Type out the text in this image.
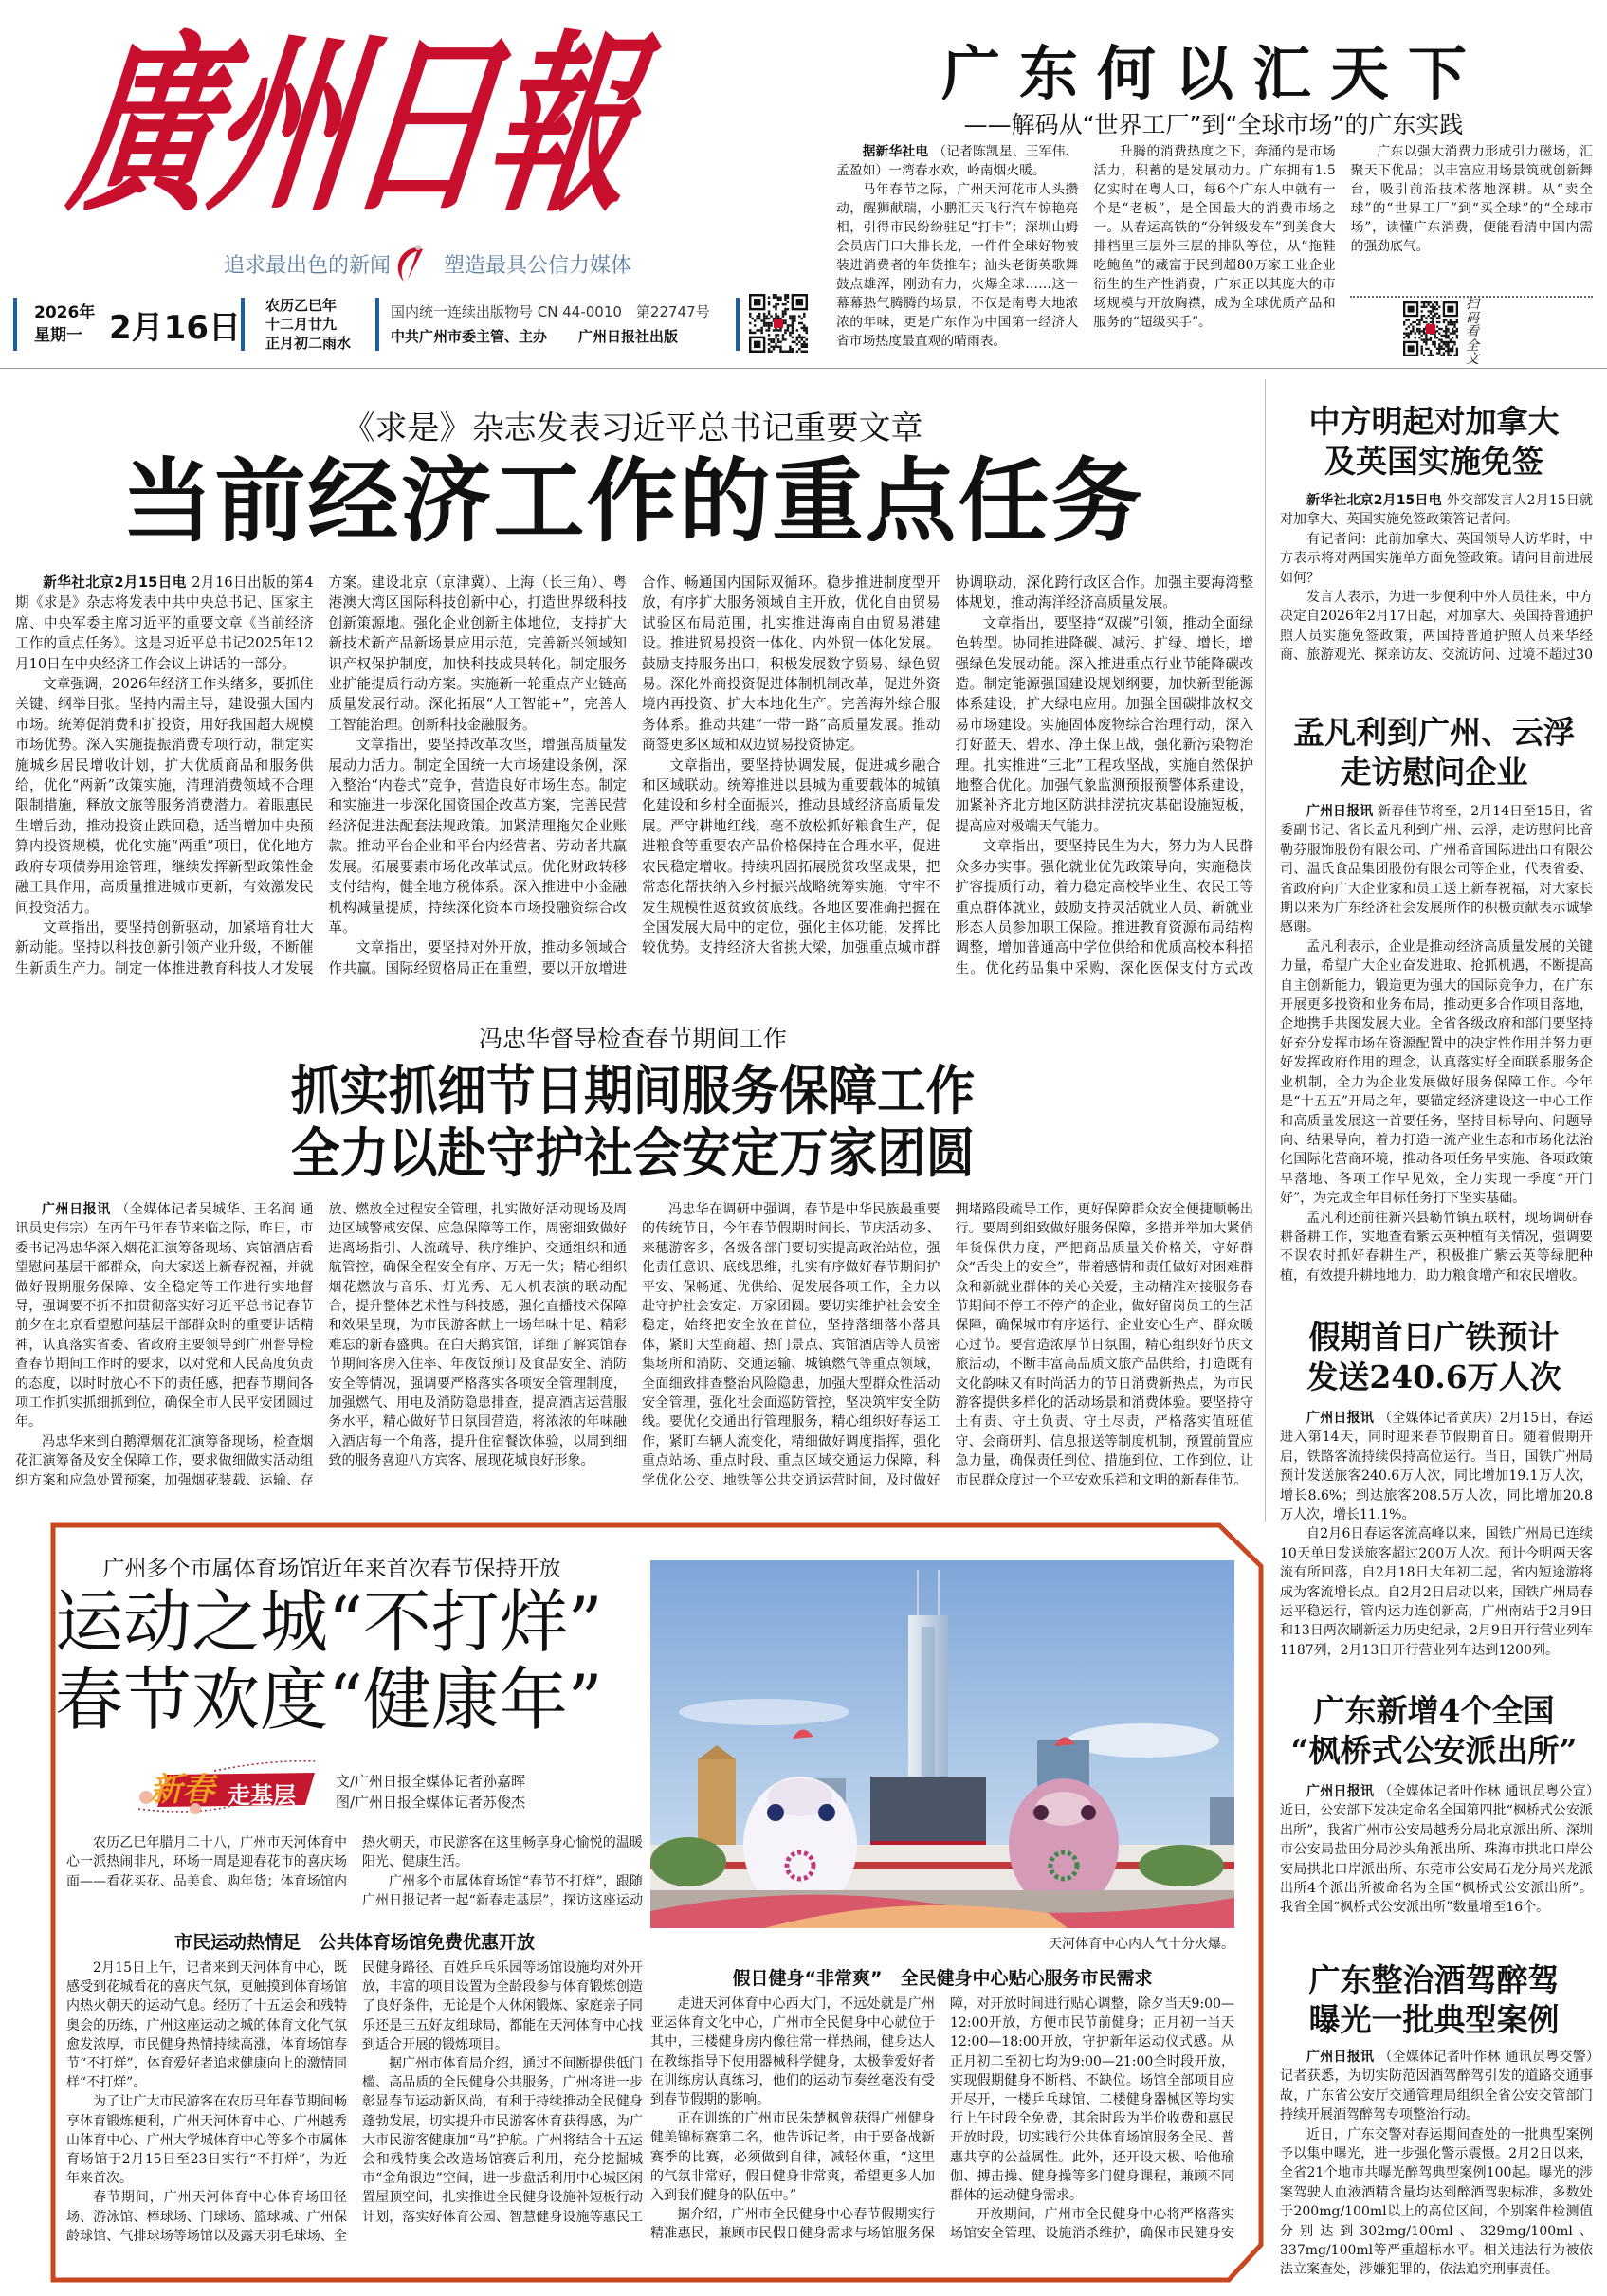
廣州日報
追求最出色的新闻	塑造最具公信力媒体
2026年
星期一 2月16日
农历乙巳年
十二月廿九
正月初二雨水
国内统一连续出版物号 CN 44-0010　第22747号
中共广州市委主管、主办 广州日报社出版
广东何以汇天下
——解码从“世界工厂”到“全球市场”的广东实践

据新华社电 （记者陈凯星、王军伟、孟盈如）一湾春水欢，岭南烟火暖。

马年春节之际，广州天河花市人头攒动，醒狮献瑞，小鹏汇天飞行汽车惊艳亮相，引得市民纷纷驻足“打卡”；深圳山姆会员店门口大排长龙，一件件全球好物被装进消费者的年货推车；汕头老街英歌舞鼓点雄浑，刚劲有力，火爆全球……这一幕幕热气腾腾的场景，不仅是南粤大地浓浓的年味，更是广东作为中国第一经济大省市场热度最直观的晴雨表。

升腾的消费热度之下，奔涌的是市场活力，积蓄的是发展动力。广东拥有1.5亿实时在粤人口，每6个广东人中就有一个是“老板”，是全国最大的消费市场之一。从春运高铁的“分钟级发车”到美食大排档里三层外三层的排队等位，从“拖鞋吃鲍鱼”的藏富于民到超80万家工业企业衍生的生产性消费，广东正以其庞大的市场规模与开放胸襟，成为全球优质产品和服务的“超级买手”。

广东以强大消费力形成引力磁场，汇聚天下优品；以丰富应用场景筑就创新舞台，吸引前沿技术落地深耕。从“卖全球”的“世界工厂”到“买全球”的“全球市场”，读懂广东消费，便能看清中国内需的强劲底气。

扫码看全文
《求是》杂志发表习近平总书记重要文章
当前经济工作的重点任务

新华社北京2月15日电 2月16日出版的第4期《求是》杂志将发表中共中央总书记、国家主席、中央军委主席习近平的重要文章《当前经济工作的重点任务》。这是习近平总书记2025年12月10日在中央经济工作会议上讲话的一部分。

文章强调，2026年经济工作头绪多，要抓住关键、纲举目张。坚持内需主导，建设强大国内市场。统筹促消费和扩投资，用好我国超大规模市场优势。深入实施提振消费专项行动，制定实施城乡居民增收计划，扩大优质商品和服务供给，优化“两新”政策实施，清理消费领域不合理限制措施，释放文旅等服务消费潜力。着眼惠民生增后劲，推动投资止跌回稳，适当增加中央预算内投资规模，优化实施“两重”项目，优化地方政府专项债券用途管理，继续发挥新型政策性金融工具作用，高质量推进城市更新，有效激发民间投资活力。

文章指出，要坚持创新驱动，加紧培育壮大新动能。坚持以科技创新引领产业升级，不断催生新质生产力。制定一体推进教育科技人才发展方案。建设北京（京津冀）、上海（长三角）、粤港澳大湾区国际科技创新中心，打造世界级科技创新策源地。强化企业创新主体地位，支持扩大新技术新产品新场景应用示范，完善新兴领域知识产权保护制度，加快科技成果转化。制定服务业扩能提质行动方案。实施新一轮重点产业链高质量发展行动。深化拓展“人工智能+”，完善人工智能治理。创新科技金融服务。

文章指出，要坚持改革攻坚，增强高质量发展动力活力。制定全国统一大市场建设条例，深入整治“内卷式”竞争，营造良好市场生态。制定和实施进一步深化国资国企改革方案，完善民营经济促进法配套法规政策。加紧清理拖欠企业账款。推动平台企业和平台内经营者、劳动者共赢发展。拓展要素市场化改革试点。优化财政转移支付结构，健全地方税体系。深入推进中小金融机构减量提质，持续深化资本市场投融资综合改革。

文章指出，要坚持对外开放，推动多领域合作共赢。国际经贸格局正在重塑，要以开放增进合作、畅通国内国际双循环。稳步推进制度型开放，有序扩大服务领域自主开放，优化自由贸易试验区布局范围，扎实推进海南自由贸易港建设。推进贸易投资一体化、内外贸一体化发展。鼓励支持服务出口，积极发展数字贸易、绿色贸易。深化外商投资促进体制机制改革，促进外资境内再投资、扩大本地化生产。完善海外综合服务体系。推动共建“一带一路”高质量发展。推动商签更多区域和双边贸易投资协定。

文章指出，要坚持协调发展，促进城乡融合和区域联动。统筹推进以县城为重要载体的城镇化建设和乡村全面振兴，推动县域经济高质量发展。严守耕地红线，毫不放松抓好粮食生产，促进粮食等重要农产品价格保持在合理水平，促进农民稳定增收。持续巩固拓展脱贫攻坚成果，把常态化帮扶纳入乡村振兴战略统筹实施，守牢不发生规模性返贫致贫底线。各地区要准确把握在全国发展大局中的定位，强化主体功能，发挥比较优势。支持经济大省挑大梁，加强重点城市群协调联动，深化跨行政区合作。加强主要海湾整体规划，推动海洋经济高质量发展。

文章指出，要坚持“双碳”引领，推动全面绿色转型。协同推进降碳、减污、扩绿、增长，增强绿色发展动能。深入推进重点行业节能降碳改造。制定能源强国建设规划纲要，加快新型能源体系建设，扩大绿电应用。加强全国碳排放权交易市场建设。实施固体废物综合治理行动，深入打好蓝天、碧水、净土保卫战，强化新污染物治理。扎实推进“三北”工程攻坚战，实施自然保护地整合优化。加强气象监测预报预警体系建设，加紧补齐北方地区防洪排涝抗灾基础设施短板，提高应对极端天气能力。

文章指出，要坚持民生为大，努力为人民群众多办实事。强化就业优先政策导向，实施稳岗扩容提质行动，着力稳定高校毕业生、农民工等重点群体就业，鼓励支持灵活就业人员、新就业形态人员参加职工保险。推进教育资源布局结构调整，增加普通高中学位供给和优质高校本科招生。优化药品集中采购，深化医保支付方式改

冯忠华督导检查春节期间工作
抓实抓细节日期间服务保障工作
全力以赴守护社会安定万家团圆

广州日报讯 （全媒体记者吴城华、王名润 通讯员史伟宗）在丙午马年春节来临之际，昨日，市委书记冯忠华深入烟花汇演筹备现场、宾馆酒店看望慰问基层干部群众，向大家送上新春祝福，并就做好假期服务保障、安全稳定等工作进行实地督导，强调要不折不扣贯彻落实好习近平总书记春节前夕在北京看望慰问基层干部群众时的重要讲话精神，认真落实省委、省政府主要领导到广州督导检查春节期间工作时的要求，以对党和人民高度负责的态度，以时时放心不下的责任感，把春节期间各项工作抓实抓细抓到位，确保全市人民平安团圆过年。

冯忠华来到白鹅潭烟花汇演筹备现场，检查烟花汇演筹备及安全保障工作，要求做细做实活动组织方案和应急处置预案，加强烟花装载、运输、存放、燃放全过程安全管理，扎实做好活动现场及周边区域警戒安保、应急保障等工作，周密细致做好进离场指引、人流疏导、秩序维护、交通组织和通航管控，确保全程安全有序、万无一失；精心组织烟花燃放与音乐、灯光秀、无人机表演的联动配合，提升整体艺术性与科技感，强化直播技术保障和效果呈现，为市民游客献上一场年味十足、精彩难忘的新春盛典。在白天鹅宾馆，详细了解宾馆春节期间客房入住率、年夜饭预订及食品安全、消防安全等情况，强调要严格落实各项安全管理制度，加强燃气、用电及消防隐患排查，提高酒店运营服务水平，精心做好节日氛围营造，将浓浓的年味融入酒店每一个角落，提升住宿餐饮体验，以周到细致的服务喜迎八方宾客、展现花城良好形象。

冯忠华在调研中强调，春节是中华民族最重要的传统节日，今年春节假期时间长、节庆活动多、来穗游客多，各级各部门要切实提高政治站位，强化责任意识、底线思维，扎实有序做好春节期间护平安、保畅通、优供给、促发展各项工作，全力以赴守护社会安定、万家团圆。要切实维护社会安全稳定，始终把安全放在首位，坚持落细落小落具体，紧盯大型商超、热门景点、宾馆酒店等人员密集场所和消防、交通运输、城镇燃气等重点领域，全面细致排查整治风险隐患，加强大型群众性活动安全管理，强化社会面巡防管控，坚决筑牢安全防线。要优化交通出行管理服务，精心组织好春运工作，紧盯车辆人流变化，精细做好调度指挥，强化重点站场、重点时段、重点区域交通运力保障，科学优化公交、地铁等公共交通运营时间，及时做好拥堵路段疏导工作，更好保障群众安全便捷顺畅出行。要周到细致做好服务保障，多措并举加大紧俏年货保供力度，严把商品质量关价格关，守好群众“舌尖上的安全”，带着感情和责任做好对困难群众和新就业群体的关心关爱，主动精准对接服务春节期间不停工不停产的企业，做好留岗员工的生活保障，确保城市有序运行、企业安心生产、群众暖心过节。要营造浓厚节日氛围，精心组织好节庆文旅活动，不断丰富高品质文旅产品供给，打造既有文化韵味又有时尚活力的节日消费新热点，为市民游客提供多样化的活动场景和消费体验。要坚持守土有责、守土负责、守土尽责，严格落实值班值守、会商研判、信息报送等制度机制，预置前置应急力量，确保责任到位、措施到位、工作到位，让市民群众度过一个平安欢乐祥和文明的新春佳节。

广州多个市属体育场馆近年来首次春节保持开放
运动之城“不打烊”
春节欢度“健康年”
新春 走基层
文/广州日报全媒体记者孙嘉晖
图/广州日报全媒体记者苏俊杰

农历乙巳年腊月二十八，广州市天河体育中心一派热闹非凡，环场一周是迎春花市的喜庆场面——看花买花、品美食、购年货；体育场馆内热火朝天，市民游客在这里畅享身心愉悦的温暖阳光、健康生活。

广州多个市属体育场馆“春节不打烊”，跟随广州日报记者一起“新春走基层”，探访这座运动

市民运动热情足　公共体育场馆免费优惠开放

2月15日上午，记者来到天河体育中心，既感受到花城看花的喜庆气氛，更触摸到体育场馆内热火朝天的运动气息。经历了十五运会和残特奥会的历练，广州这座运动之城的体育文化气氛愈发浓厚，市民健身热情持续高涨，体育场馆春节“不打烊”，体育爱好者追求健康向上的激情同样“不打烊”。

为了让广大市民游客在农历马年春节期间畅享体育锻炼便利，广州天河体育中心、广州越秀山体育中心、广州大学城体育中心等多个市属体育场馆于2月15日至23日实行“不打烊”，为近年来首次。

春节期间，广州天河体育中心体育场田径场、游泳馆、棒球场、门球场、篮球城、广州保龄球馆、气排球场等场馆以及露天羽毛球场、全民健身路径、百姓乒乓乐园等场馆设施均对外开放，丰富的项目设置为全龄段参与体育锻炼创造了良好条件，无论是个人休闲锻炼、家庭亲子同乐还是三五好友组球局，都能在天河体育中心找到适合开展的锻炼项目。

据广州市体育局介绍，通过不间断提供低门槛、高品质的全民健身公共服务，广州将进一步彰显春节运动新风尚，有利于持续推动全民健身蓬勃发展，切实提升市民游客体育获得感，为广大市民游客健康加“马”护航。广州将结合十五运会和残特奥会改造场馆赛后利用，充分挖掘城市“金角银边”空间，进一步盘活利用中心城区闲置屋顶空间，扎实推进全民健身设施补短板行动计划，落实好体育公园、智慧健身设施等惠民工

天河体育中心内人气十分火爆。
假日健身“非常爽”　全民健身中心贴心服务市民需求

走进天河体育中心西大门，不远处就是广州亚运体育文化中心，广州市全民健身中心就位于其中，三楼健身房内像往常一样热闹，健身达人在教练指导下使用器械科学健身，太极拳爱好者在训练房认真练习，他们的运动节奏丝毫没有受到春节假期的影响。

正在训练的广州市民朱楚枫曾获得广州健身健美锦标赛第二名，他告诉记者，由于要备战新赛季的比赛，必须做到自律，减轻体重，“这里的气氛非常好，假日健身非常爽，希望更多人加入到我们健身的队伍中。”

据介绍，广州市全民健身中心春节假期实行精准惠民，兼顾市民假日健身需求与场馆服务保障，对开放时间进行贴心调整，除夕当天9:00—12:00开放，方便市民节前健身；正月初一当天12:00—18:00开放，守护新年运动仪式感。从正月初二至初七均为9:00—21:00全时段开放，实现假期健身不断档、不缺位。场馆全部项目应开尽开，一楼乒乓球馆、二楼健身器械区等均实行上午时段全免费，其余时段为半价收费和惠民开放时段，切实践行公共体育场馆服务全民、普惠共享的公益属性。此外，还开设太极、哈他瑜伽、搏击操、健身操等多门健身课程，兼顾不同群体的运动健身需求。

开放期间，广州市全民健身中心将严格落实场馆安全管理、设施消杀维护，确保市民健身安

中方明起对加拿大
及英国实施免签

新华社北京2月15日电 外交部发言人2月15日就对加拿大、英国实施免签政策答记者问。

有记者问：此前加拿大、英国领导人访华时，中方表示将对两国实施单方面免签政策。请问目前进展如何？

发言人表示，为进一步便利中外人员往来，中方决定自2026年2月17日起，对加拿大、英国持普通护照人员实施免签政策，两国持普通护照人员来华经商、旅游观光、探亲访友、交流访问、过境不超过30

孟凡利到广州、云浮
走访慰问企业

广州日报讯 新春佳节将至，2月14日至15日，省委副书记、省长孟凡利到广州、云浮，走访慰问比音勒芬服饰股份有限公司、广州希音国际进出口有限公司、温氏食品集团股份有限公司等企业，代表省委、省政府向广大企业家和员工送上新春祝福，对大家长期以来为广东经济社会发展所作的积极贡献表示诚挚感谢。

孟凡利表示，企业是推动经济高质量发展的关键力量，希望广大企业奋发进取、抢抓机遇，不断提高自主创新能力，锻造更为强大的国际竞争力，在广东开展更多投资和业务布局，推动更多合作项目落地，企地携手共图发展大业。全省各级政府和部门要坚持好充分发挥市场在资源配置中的决定性作用并努力更好发挥政府作用的理念，认真落实好全面联系服务企业机制，全力为企业发展做好服务保障工作。今年是“十五五”开局之年，要锚定经济建设这一中心工作和高质量发展这一首要任务，坚持目标导向、问题导向、结果导向，着力打造一流产业生态和市场化法治化国际化营商环境，推动各项任务早实施、各项政策早落地、各项工作早见效，全力实现一季度“开门好”，为完成全年目标任务打下坚实基础。

孟凡利还前往新兴县簕竹镇五联村，现场调研春耕备耕工作，实地查看紫云英种植有关情况，强调要不误农时抓好春耕生产，积极推广紫云英等绿肥种植，有效提升耕地地力，助力粮食增产和农民增收。

假期首日广铁预计
发送240.6万人次

广州日报讯 （全媒体记者黄庆）2月15日，春运进入第14天，同时迎来春节假期首日。随着假期开启，铁路客流持续保持高位运行。当日，国铁广州局预计发送旅客240.6万人次，同比增加19.1万人次，增长8.6%；到达旅客208.5万人次，同比增加20.8万人次，增长11.1%。

自2月6日春运客流高峰以来，国铁广州局已连续10天单日发送旅客超过200万人次。预计今明两天客流有所回落，自2月18日大年初二起，省内短途游将成为客流增长点。自2月2日启动以来，国铁广州局春运平稳运行，管内运力连创新高，广州南站于2月9日和13日两次刷新运力历史纪录，2月9日开行营业列车1187列，2月13日开行营业列车达到1200列。

广东新增4个全国
“枫桥式公安派出所”

广州日报讯 （全媒体记者叶作林 通讯员粤公宣）近日，公安部下发决定命名全国第四批“枫桥式公安派出所”，我省广州市公安局越秀分局北京派出所、深圳市公安局盐田分局沙头角派出所、珠海市拱北口岸公安局拱北口岸派出所、东莞市公安局石龙分局兴龙派出所4个派出所被命名为全国“枫桥式公安派出所”。我省全国“枫桥式公安派出所”数量增至16个。

广东整治酒驾醉驾
曝光一批典型案例

广州日报讯 （全媒体记者叶作林 通讯员粤交警）记者获悉，为切实防范因酒驾醉驾引发的道路交通事故，广东省公安厅交通管理局组织全省公安交管部门持续开展酒驾醉驾专项整治行动。

近日，广东交警对春运期间查处的一批典型案例予以集中曝光，进一步强化警示震慑。2月2日以来，全省21个地市共曝光醉驾典型案例100起。曝光的涉案驾驶人血液酒精含量均达到醉酒驾驶标准，多数处于200mg/100ml以上的高位区间，个别案件检测值分别达到302mg/100ml、329mg/100ml、337mg/100ml等严重超标水平。相关违法行为被依法立案查处，涉嫌犯罪的，依法追究刑事责任。
